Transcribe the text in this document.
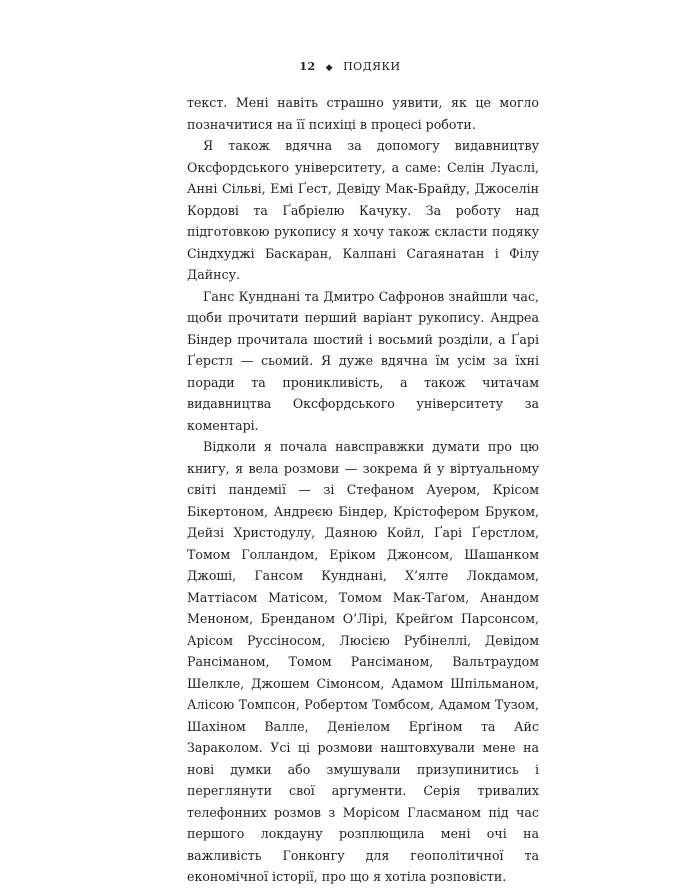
12 ◆ ПОДЯКИ

текст. Мені навіть страшно уявити, як це могло позначитися на її психіці в процесі роботи.

Я також вдячна за допомогу видавництву Оксфордського університету, а саме: Селін Луаслі, Анні Сільві, Емі Ґест, Девіду Мак-Брайду, Джоселін Кордові та Ґабріелю Качуку. За роботу над підготовкою рукопису я хочу також скласти подяку Сіндхуджі Баскаран, Калпані Сагаянатан і Філу Дайнсу.

Ганс Кунднані та Дмитро Сафронов знайшли час, щоби прочитати перший варіант рукопису. Андреа Біндер прочитала шостий і восьмий розділи, а Ґарі Ґерстл — сьомий. Я дуже вдячна їм усім за їхні поради та проникливість, а також читачам видавництва Оксфордського університету за коментарі.

Відколи я почала навсправжки думати про цю книгу, я вела розмови — зокрема й у віртуальному світі пандемії — зі Стефаном Ауером, Крісом Бікертоном, Андреєю Біндер, Крістофером Бруком, Дейзі Христодулу, Даяною Койл, Ґарі Ґерстлом, Томом Голландом, Еріком Джонсом, Шашанком Джоші, Гансом Кунднані, Х’ялте Локдамом, Маттіасом Матісом, Томом Мак-Таґом, Анандом Меноном, Бренданом О’Лірі, Крейґом Парсонсом, Арісом Руссіносом, Люсією Рубінеллі, Девідом Рансіманом, Томом Рансіманом, Вальтраудом Шелкле, Джошем Сімонсом, Адамом Шпільманом, Алісою Томпсон, Робертом Томбсом, Адамом Тузом, Шахіном Валле, Деніелом Ерґіном та Айс Зараколом. Усі ці розмови наштовхували мене на нові думки або змушували призупинитись і переглянути свої аргументи. Серія тривалих телефонних розмов з Морісом Гласманом під час першого локдауну розплющила мені очі на важливість Гонконгу для геополітичної та економічної історії, про що я хотіла розповісти.
